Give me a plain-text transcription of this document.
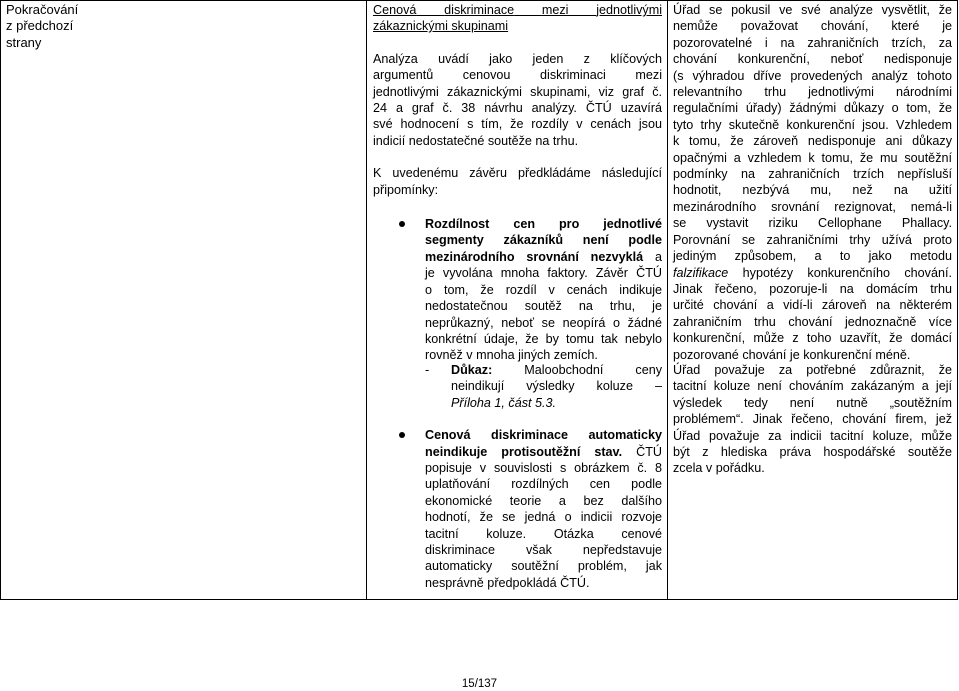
Pokračování
z předchozí
strany
Cenová diskriminace mezi jednotlivými
zákaznickými skupinami
Analýza uvádí jako jeden z klíčových
argumentů cenovou diskriminaci mezi
jednotlivými zákaznickými skupinami, viz graf č.
24 a graf č. 38 návrhu analýzy. ČTÚ uzavírá
své hodnocení s tím, že rozdíly v cenách jsou
indicií nedostatečné soutěže na trhu.
K uvedenému závěru předkládáme následující
připomínky:
Rozdílnost cen pro jednotlivé
segmenty zákazníků není podle
mezinárodního srovnání nezvyklá a
je vyvolána mnoha faktory. Závěr ČTÚ
o tom, že rozdíl v cenách indikuje
nedostatečnou soutěž na trhu, je
neprůkazný, neboť se neopírá o žádné
konkrétní údaje, že by tomu tak nebylo
rovněž v mnoha jiných zemích.
Úřad se pokusil ve své analýze vysvětlit, že
nemůže považovat chování, které je
pozorovatelné i na zahraničních trzích, za
chování konkurenční, neboť nedisponuje
(s výhradou dříve provedených analýz tohoto
relevantního trhu jednotlivými národními
regulačními úřady) žádnými důkazy o tom, že
tyto trhy skutečně konkurenční jsou. Vzhledem
k tomu, že zároveň nedisponuje ani důkazy
opačnými a vzhledem k tomu, že mu soutěžní
podmínky na zahraničních trzích nepřísluší
hodnotit, nezbývá mu, než na užití
mezinárodního srovnání rezignovat, nemá-li
se vystavit riziku Cellophane Phallacy.
Porovnání se zahraničními trhy užívá proto
jediným způsobem, a to jako metodu
falzifikace hypotézy konkurenčního chování.
Jinak řečeno, pozoruje-li na domácím trhu
určité chování a vidí-li zároveň na některém
zahraničním trhu chování jednoznačně více
konkurenční, může z toho uzavřít, že domácí
pozorované chování je konkurenční méně.
- Důkaz:	Maloobchodní ceny
neindikují výsledky koluze –
Příloha 1, část 5.3.
Cenová diskriminace automaticky
neindikuje protisoutěžní stav. ČTÚ
popisuje v souvislosti s obrázkem č. 8
uplatňování rozdílných cen podle
ekonomické teorie a bez dalšího
hodnotí, že se jedná o indicii rozvoje
tacitní koluze. Otázka cenové
diskriminace však nepředstavuje
automaticky soutěžní problém, jak
nesprávně předpokládá ČTÚ.
Úřad považuje za potřebné zdůraznit, že
tacitní koluze není chováním zakázaným a její
výsledek tedy není nutně „soutěžním
problémem“. Jinak řečeno, chování firem, jež
Úřad považuje za indicii tacitní koluze, může
být z hlediska práva hospodářské soutěže
zcela v pořádku.
15/137
